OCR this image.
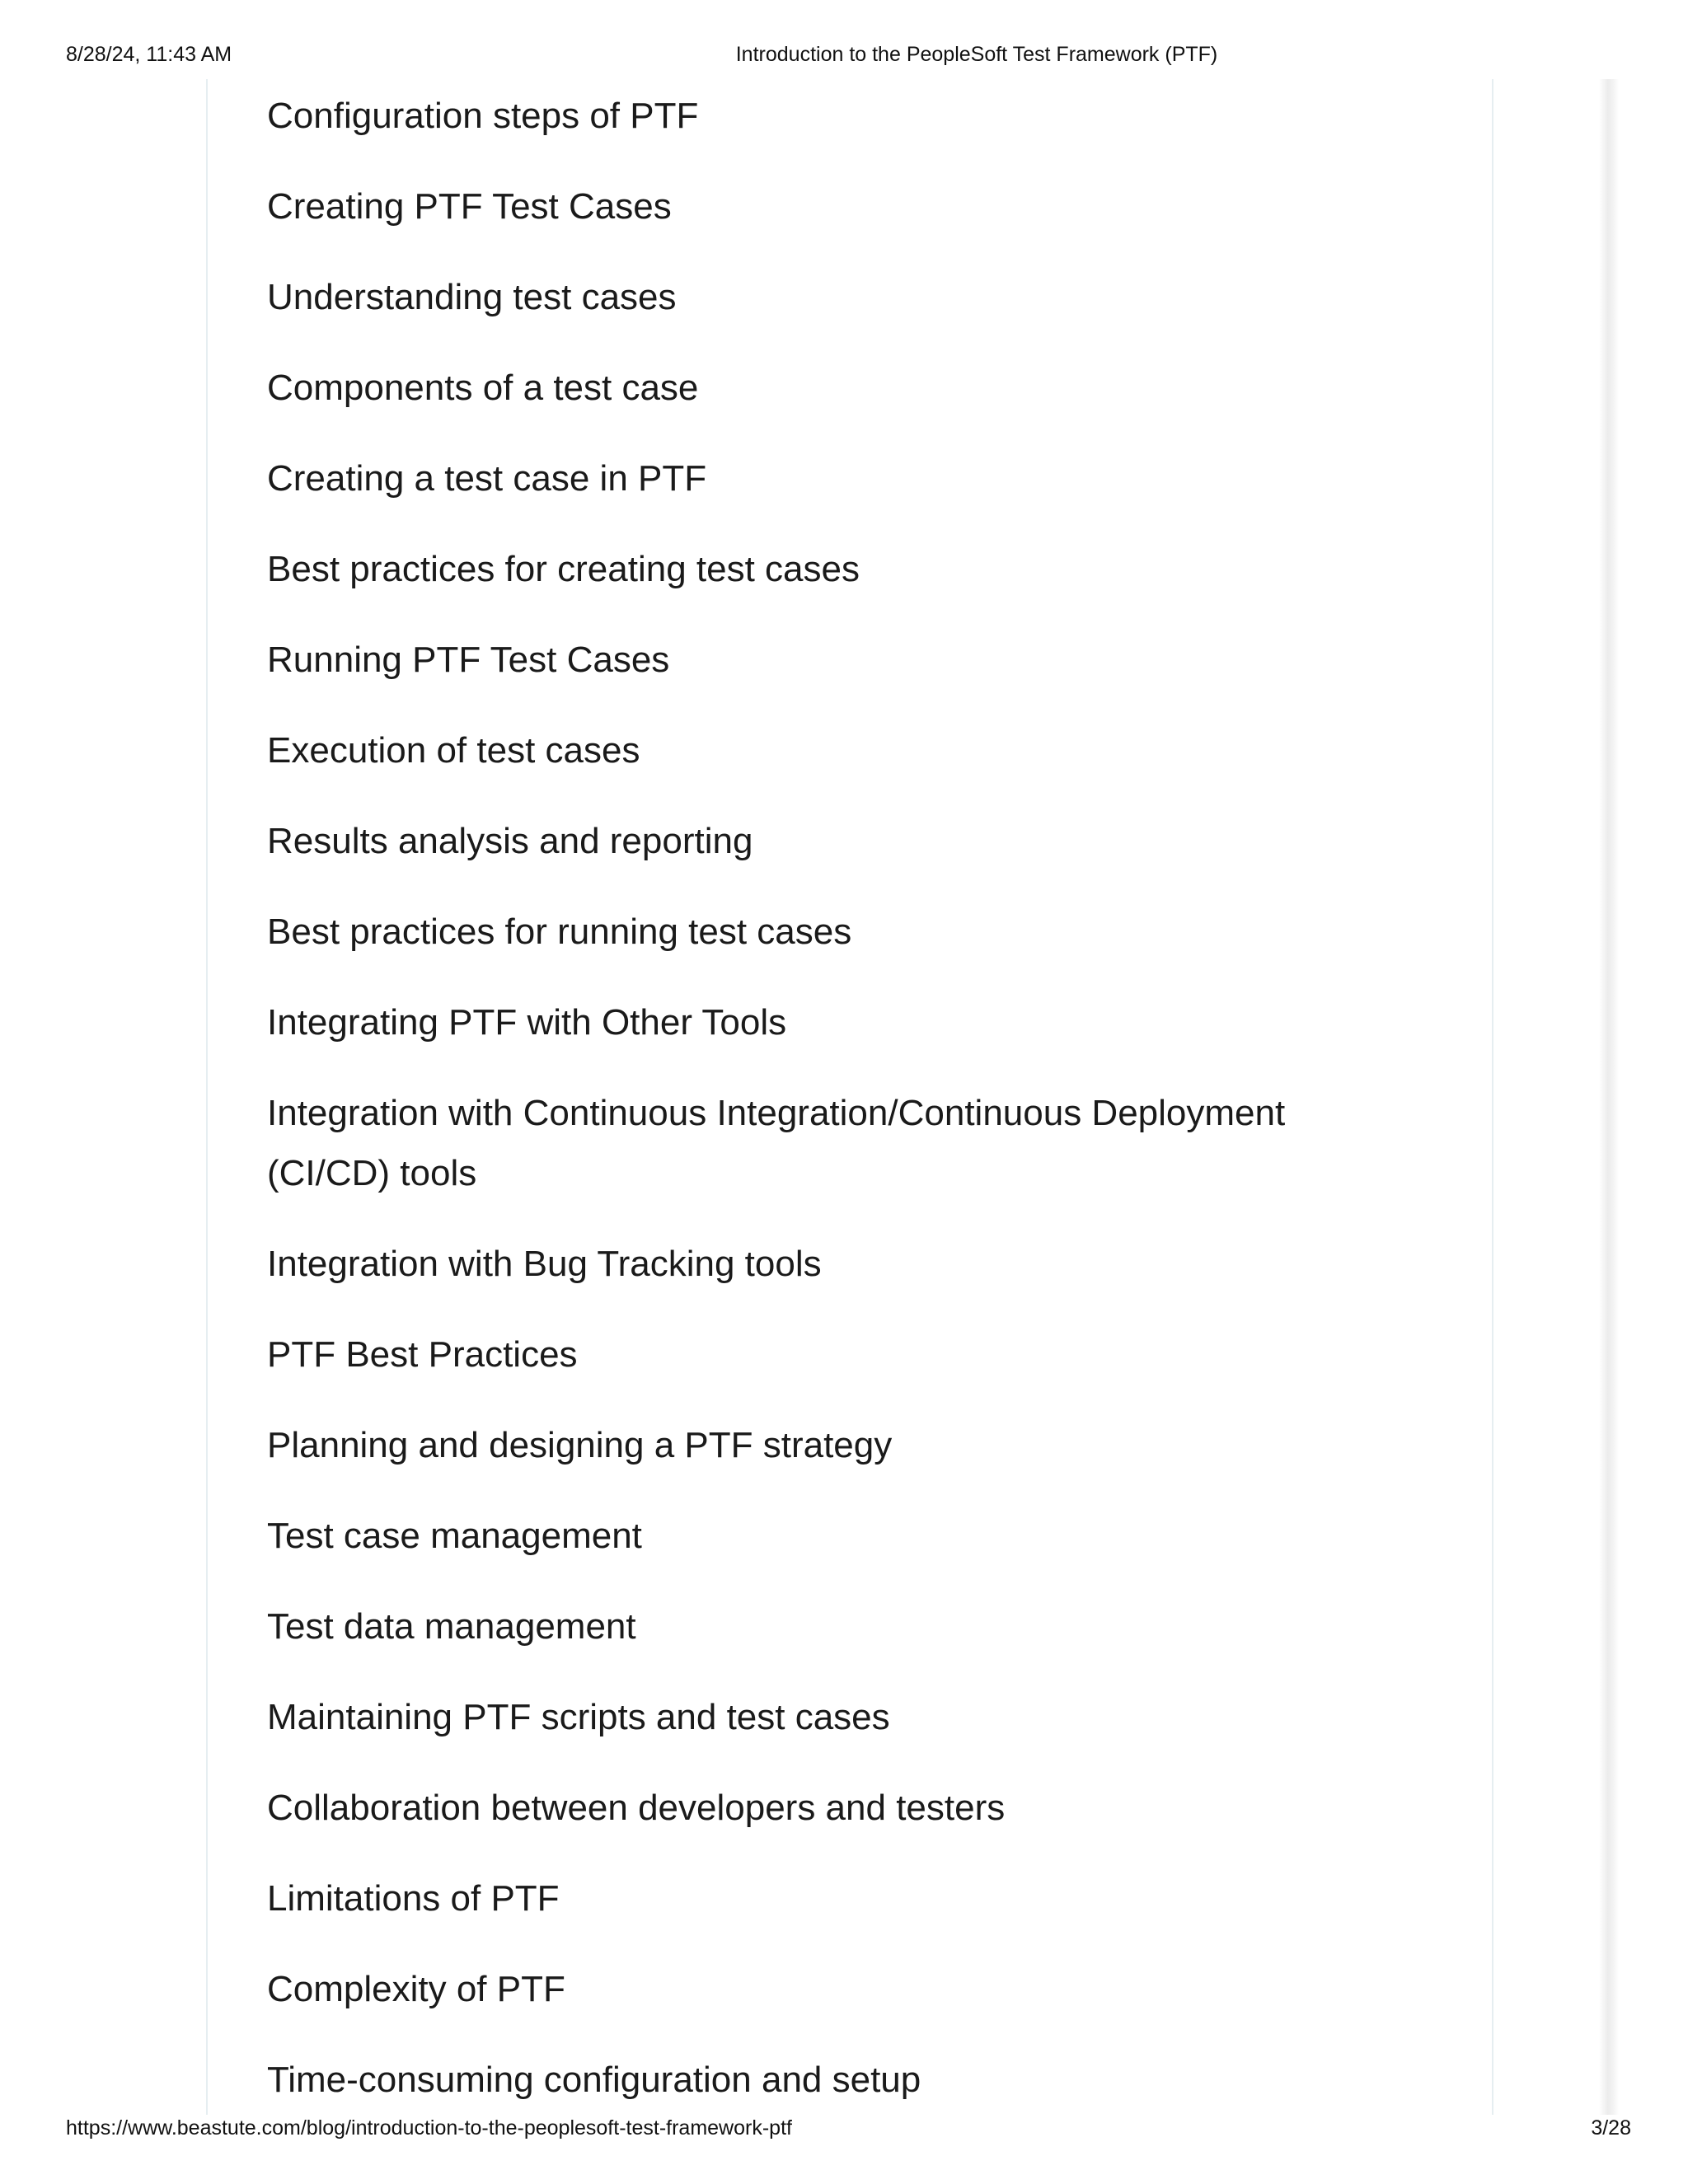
8/28/24, 11:43 AM	Introduction to the PeopleSoft Test Framework (PTF)
Configuration steps of PTF
Creating PTF Test Cases
Understanding test cases
Components of a test case
Creating a test case in PTF
Best practices for creating test cases
Running PTF Test Cases
Execution of test cases
Results analysis and reporting
Best practices for running test cases
Integrating PTF with Other Tools
Integration with Continuous Integration/Continuous Deployment (CI/CD) tools
Integration with Bug Tracking tools
PTF Best Practices
Planning and designing a PTF strategy
Test case management
Test data management
Maintaining PTF scripts and test cases
Collaboration between developers and testers
Limitations of PTF
Complexity of PTF
Time-consuming configuration and setup
https://www.beastute.com/blog/introduction-to-the-peoplesoft-test-framework-ptf	3/28
